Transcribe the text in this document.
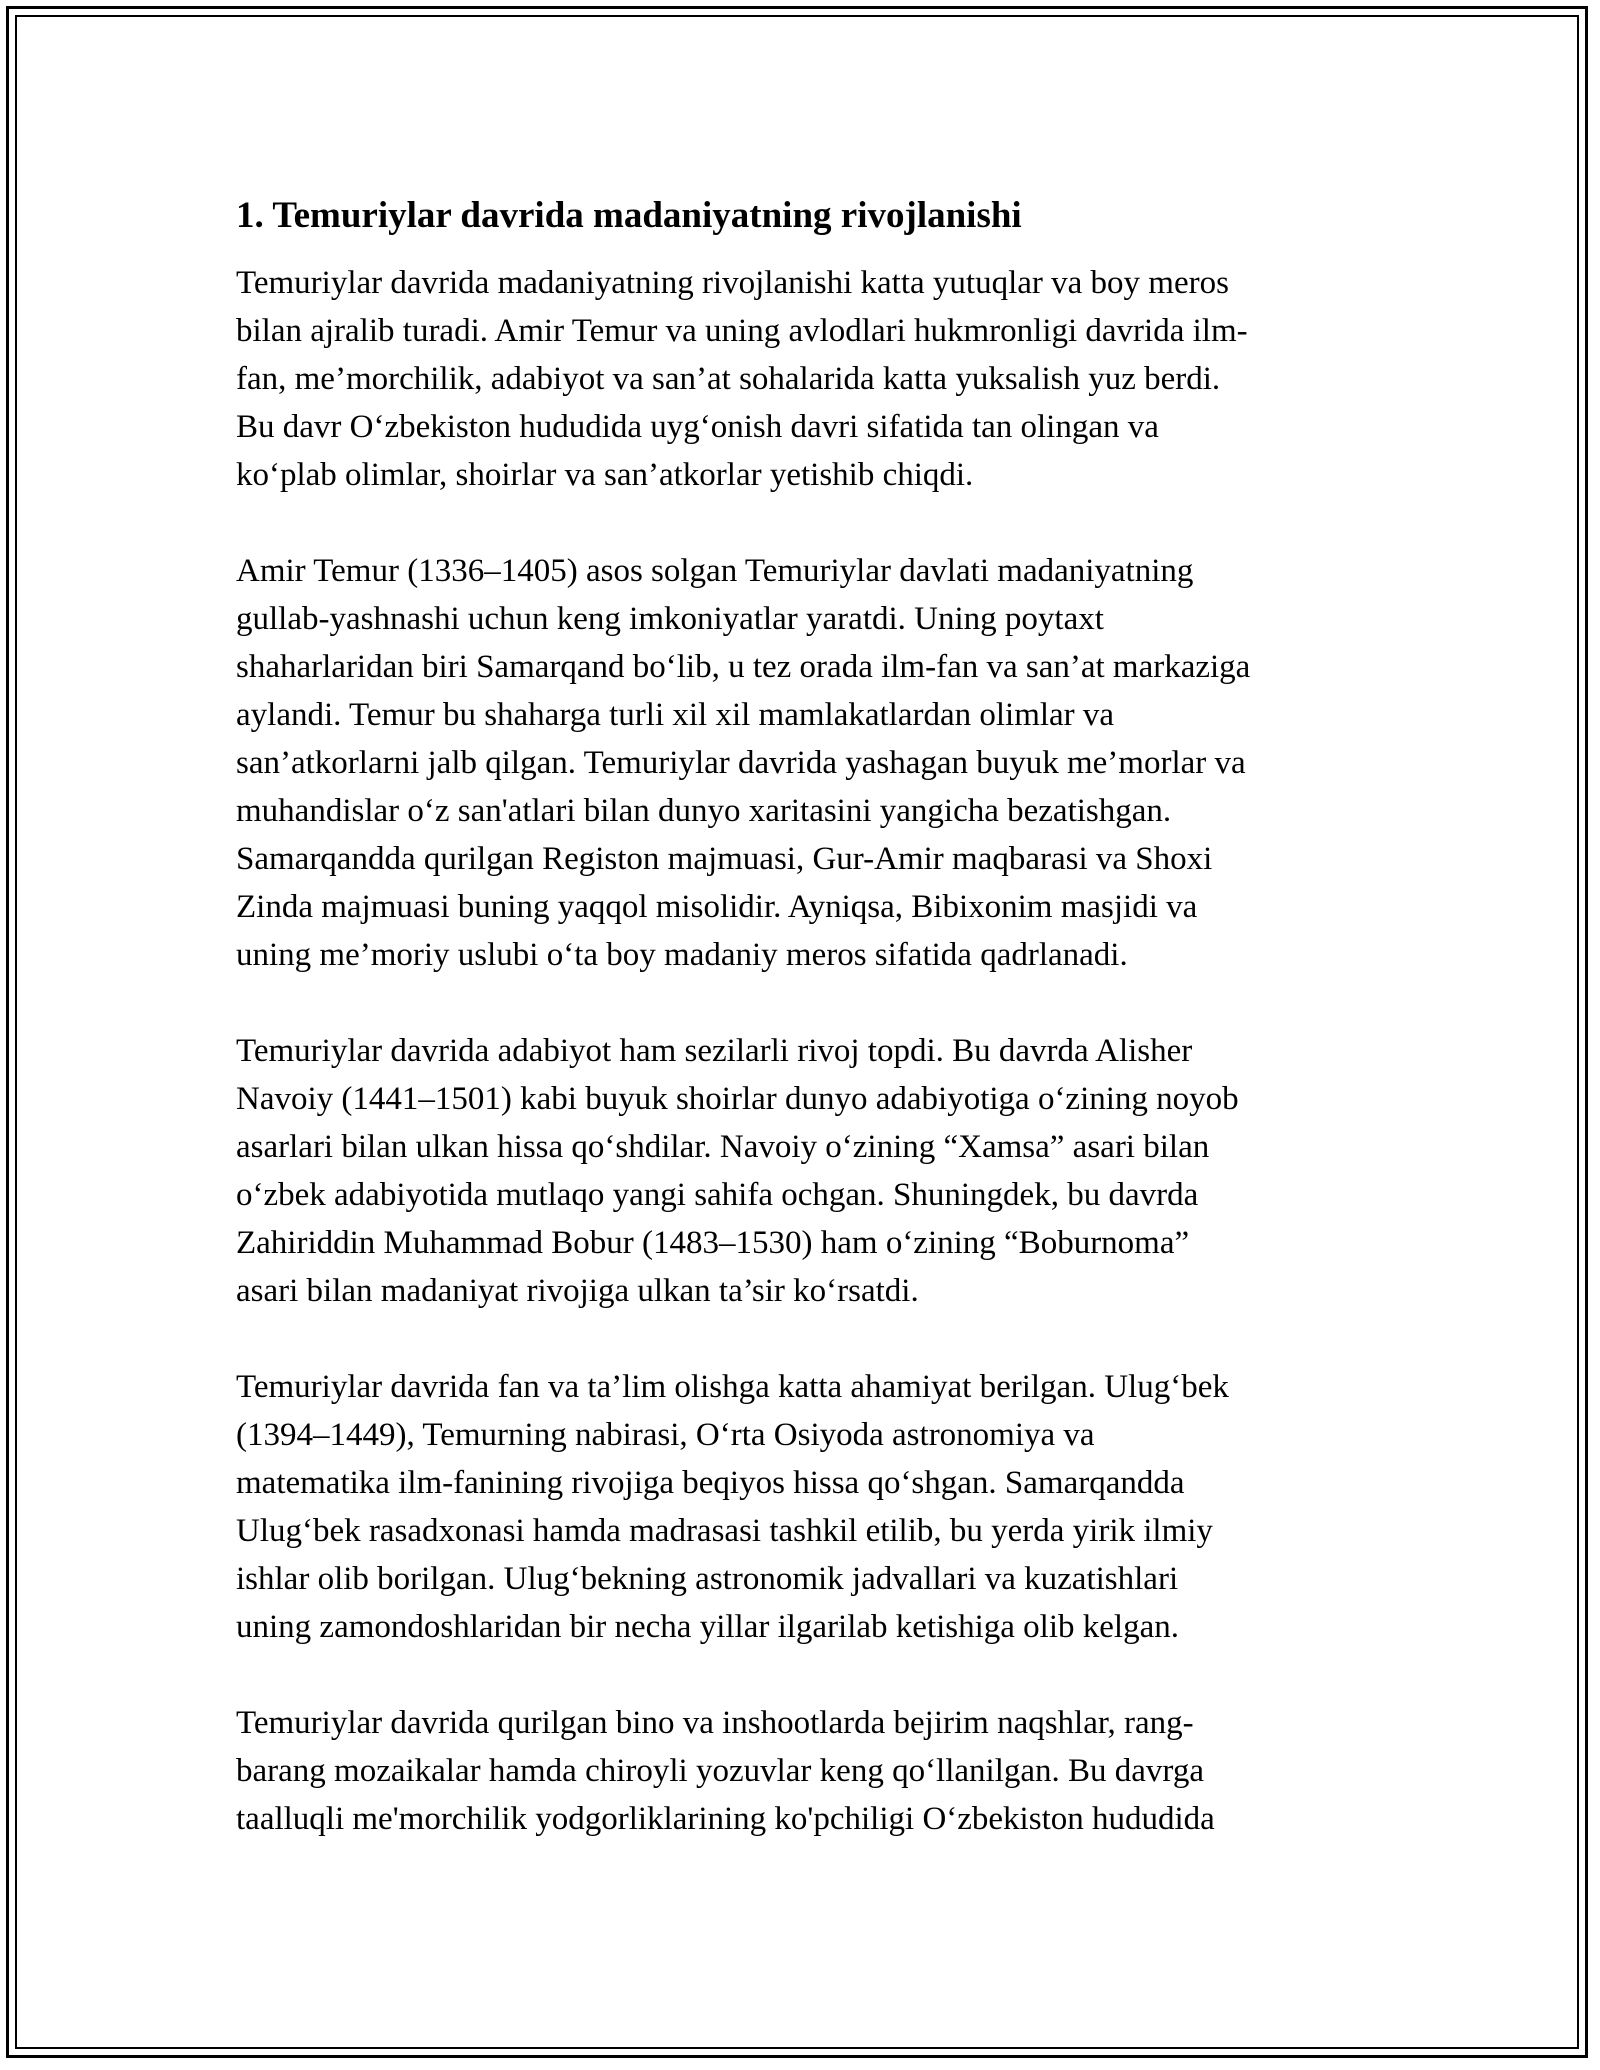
1. Temuriylar davrida madaniyatning rivojlanishi

Temuriylar davrida madaniyatning rivojlanishi katta yutuqlar va boy meros
bilan ajralib turadi. Amir Temur va uning avlodlari hukmronligi davrida ilm-
fan, me’morchilik, adabiyot va san’at sohalarida katta yuksalish yuz berdi.
Bu davr O‘zbekiston hududida uyg‘onish davri sifatida tan olingan va
ko‘plab olimlar, shoirlar va san’atkorlar yetishib chiqdi.

Amir Temur (1336–1405) asos solgan Temuriylar davlati madaniyatning
gullab-yashnashi uchun keng imkoniyatlar yaratdi. Uning poytaxt
shaharlaridan biri Samarqand bo‘lib, u tez orada ilm-fan va san’at markaziga
aylandi. Temur bu shaharga turli xil xil mamlakatlardan olimlar va
san’atkorlarni jalb qilgan. Temuriylar davrida yashagan buyuk me’morlar va
muhandislar o‘z san'atlari bilan dunyo xaritasini yangicha bezatishgan.
Samarqandda qurilgan Registon majmuasi, Gur-Amir maqbarasi va Shoxi
Zinda majmuasi buning yaqqol misolidir. Ayniqsa, Bibixonim masjidi va
uning me’moriy uslubi o‘ta boy madaniy meros sifatida qadrlanadi.

Temuriylar davrida adabiyot ham sezilarli rivoj topdi. Bu davrda Alisher
Navoiy (1441–1501) kabi buyuk shoirlar dunyo adabiyotiga o‘zining noyob
asarlari bilan ulkan hissa qo‘shdilar. Navoiy o‘zining “Xamsa” asari bilan
o‘zbek adabiyotida mutlaqo yangi sahifa ochgan. Shuningdek, bu davrda
Zahiriddin Muhammad Bobur (1483–1530) ham o‘zining “Boburnoma”
asari bilan madaniyat rivojiga ulkan ta’sir ko‘rsatdi.

Temuriylar davrida fan va ta’lim olishga katta ahamiyat berilgan. Ulug‘bek
(1394–1449), Temurning nabirasi, O‘rta Osiyoda astronomiya va
matematika ilm-fanining rivojiga beqiyos hissa qo‘shgan. Samarqandda
Ulug‘bek rasadxonasi hamda madrasasi tashkil etilib, bu yerda yirik ilmiy
ishlar olib borilgan. Ulug‘bekning astronomik jadvallari va kuzatishlari
uning zamondoshlaridan bir necha yillar ilgarilab ketishiga olib kelgan.

Temuriylar davrida qurilgan bino va inshootlarda bejirim naqshlar, rang-
barang mozaikalar hamda chiroyli yozuvlar keng qo‘llanilgan. Bu davrga
taalluqli me'morchilik yodgorliklarining ko'pchiligi O‘zbekiston hududida
